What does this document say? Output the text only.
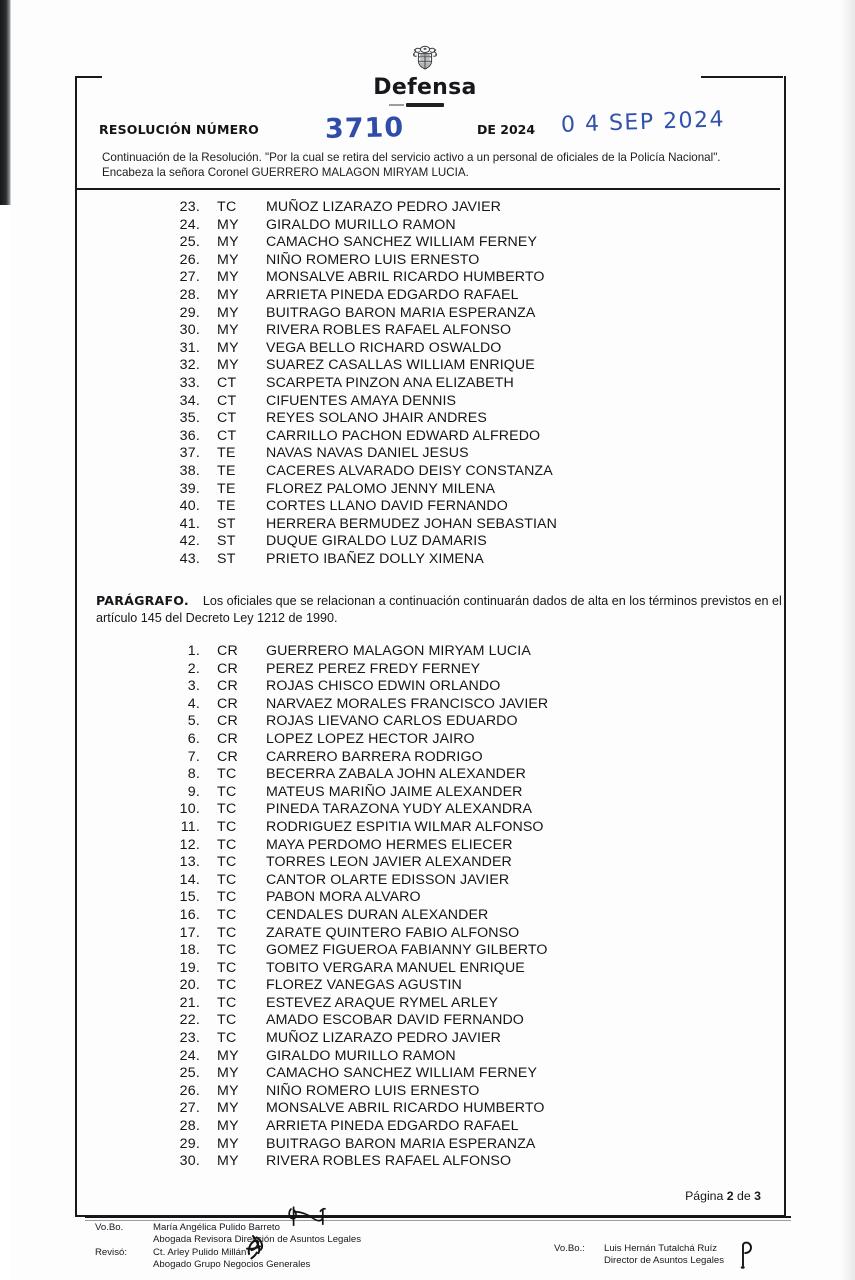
Defensa
RESOLUCIÓN NÚMERO 3710	DE 2024 0 4 SEP 2024
Continuación de la Resolución. "Por la cual se retira del servicio activo a un personal de oficiales de la Policía Nacional".
Encabeza la señora Coronel GUERRERO MALAGON MIRYAM LUCIA.
23.	TC	MUÑOZ LIZARAZO PEDRO JAVIER
24.	MY	GIRALDO MURILLO RAMON
25.	MY	CAMACHO SANCHEZ WILLIAM FERNEY
26.	MY	NIÑO ROMERO LUIS ERNESTO
27.	MY	MONSALVE ABRIL RICARDO HUMBERTO
28.	MY	ARRIETA PINEDA EDGARDO RAFAEL
29.	MY	BUITRAGO BARON MARIA ESPERANZA
30.	MY	RIVERA ROBLES RAFAEL ALFONSO
31.	MY	VEGA BELLO RICHARD OSWALDO
32.	MY	SUAREZ CASALLAS WILLIAM ENRIQUE
33.	CT	SCARPETA PINZON ANA ELIZABETH
34.	CT	CIFUENTES AMAYA DENNIS
35.	CT	REYES SOLANO JHAIR ANDRES
36.	CT	CARRILLO PACHON EDWARD ALFREDO
37.	TE	NAVAS NAVAS DANIEL JESUS
38.	TE	CACERES ALVARADO DEISY CONSTANZA
39.	TE	FLOREZ PALOMO JENNY MILENA
40.	TE	CORTES LLANO DAVID FERNANDO
41.	ST	HERRERA BERMUDEZ JOHAN SEBASTIAN
42.	ST	DUQUE GIRALDO LUZ DAMARIS
43.	ST	PRIETO IBAÑEZ DOLLY XIMENA
PARÁGRAFO. Los oficiales que se relacionan a continuación continuarán dados de alta en los términos previstos en el artículo 145 del Decreto Ley 1212 de 1990.
1.	CR	GUERRERO MALAGON MIRYAM LUCIA
2.	CR	PEREZ PEREZ FREDY FERNEY
3.	CR	ROJAS CHISCO EDWIN ORLANDO
4.	CR	NARVAEZ MORALES FRANCISCO JAVIER
5.	CR	ROJAS LIEVANO CARLOS EDUARDO
6.	CR	LOPEZ LOPEZ HECTOR JAIRO
7.	CR	CARRERO BARRERA RODRIGO
8.	TC	BECERRA ZABALA JOHN ALEXANDER
9.	TC	MATEUS MARIÑO JAIME ALEXANDER
10.	TC	PINEDA TARAZONA YUDY ALEXANDRA
11.	TC	RODRIGUEZ ESPITIA WILMAR ALFONSO
12.	TC	MAYA PERDOMO HERMES ELIECER
13.	TC	TORRES LEON JAVIER ALEXANDER
14.	TC	CANTOR OLARTE EDISSON JAVIER
15.	TC	PABON MORA ALVARO
16.	TC	CENDALES DURAN ALEXANDER
17.	TC	ZARATE QUINTERO FABIO ALFONSO
18.	TC	GOMEZ FIGUEROA FABIANNY GILBERTO
19.	TC	TOBITO VERGARA MANUEL ENRIQUE
20.	TC	FLOREZ VANEGAS AGUSTIN
21.	TC	ESTEVEZ ARAQUE RYMEL ARLEY
22.	TC	AMADO ESCOBAR DAVID FERNANDO
23.	TC	MUÑOZ LIZARAZO PEDRO JAVIER
24.	MY	GIRALDO MURILLO RAMON
25.	MY	CAMACHO SANCHEZ WILLIAM FERNEY
26.	MY	NIÑO ROMERO LUIS ERNESTO
27.	MY	MONSALVE ABRIL RICARDO HUMBERTO
28.	MY	ARRIETA PINEDA EDGARDO RAFAEL
29.	MY	BUITRAGO BARON MARIA ESPERANZA
30.	MY	RIVERA ROBLES RAFAEL ALFONSO
Página 2 de 3
Vo.Bo.	María Angélica Pulido Barreto
Abogada Revisora Dirección de Asuntos Legales
Revisó:	Ct. Arley Pulido Millán
Abogado Grupo Negocios Generales
Vo.Bo.:	Luis Hernán Tutalchá Ruíz
Director de Asuntos Legales
